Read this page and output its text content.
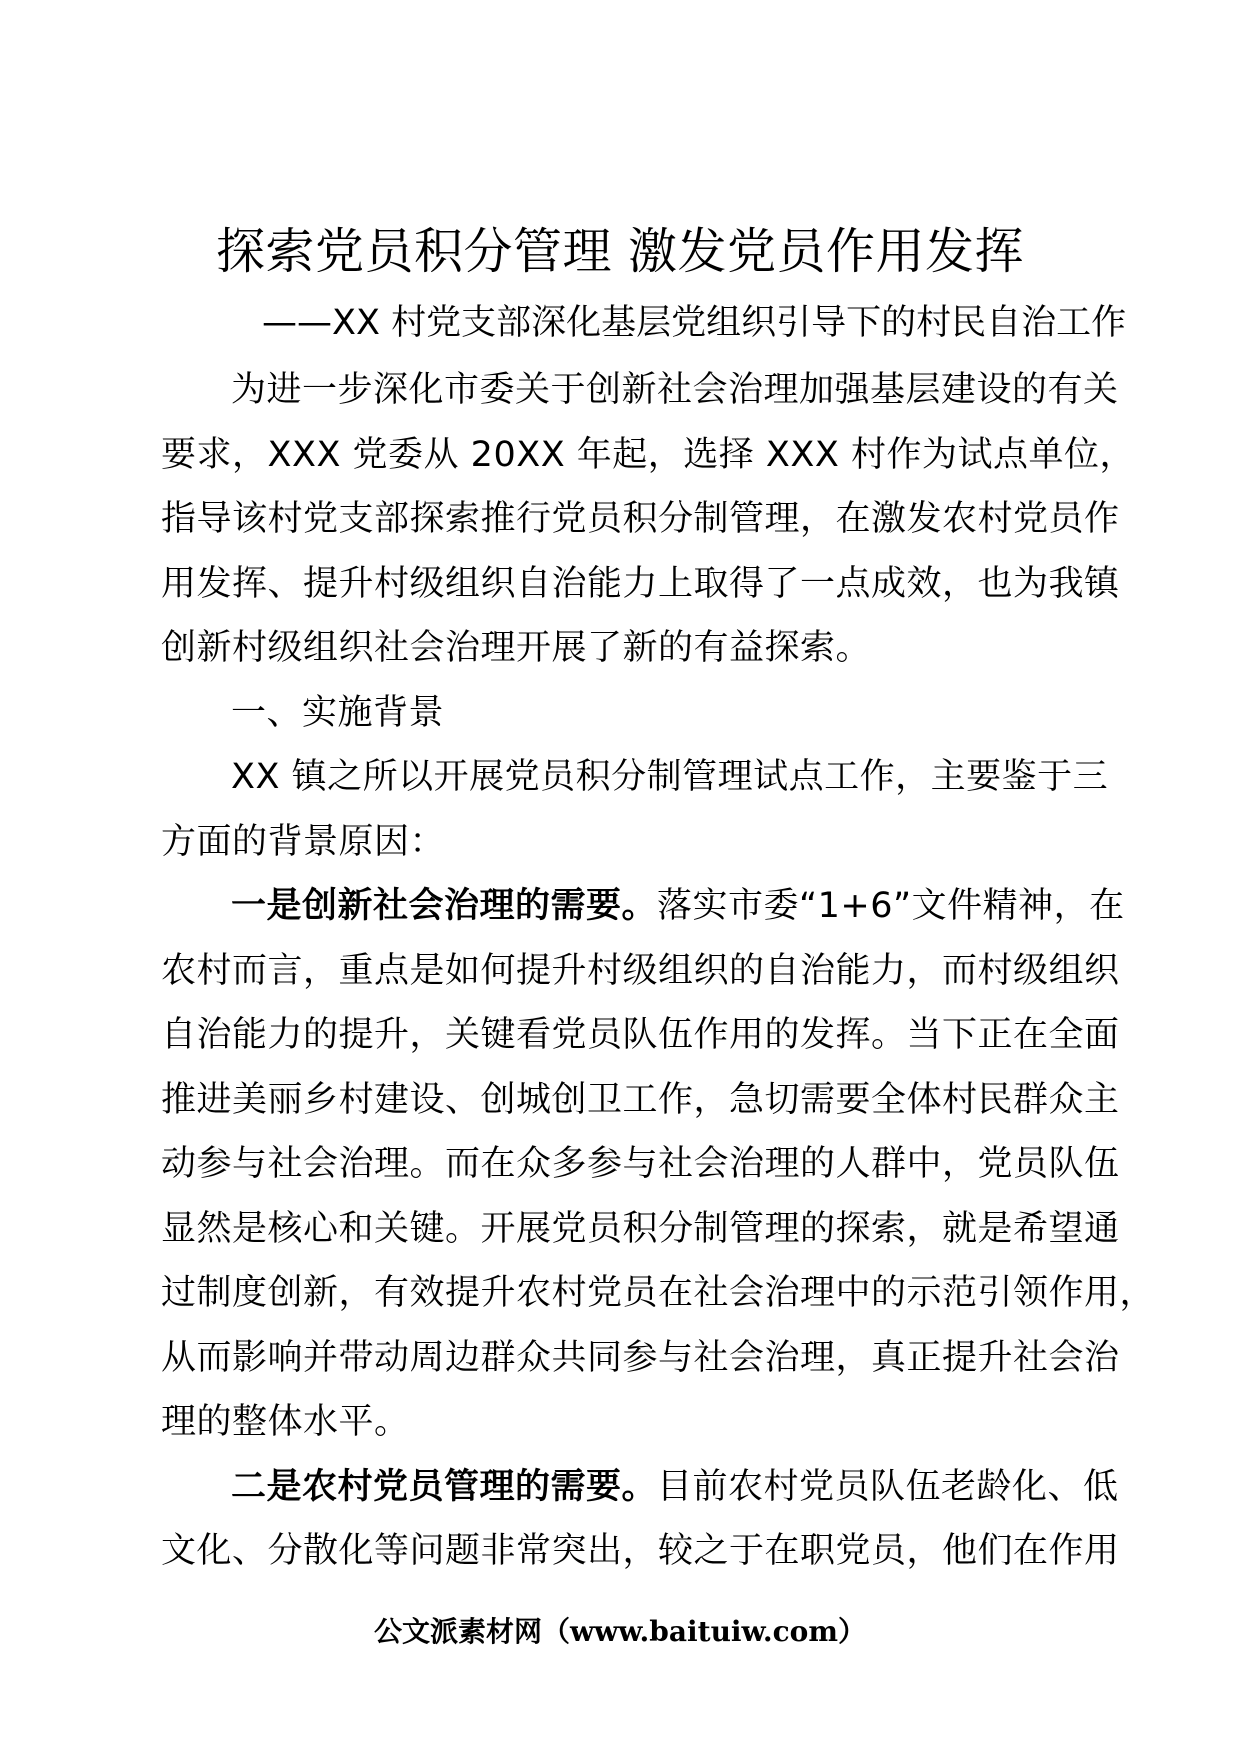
探索党员积分管理 激发党员作用发挥
——XX 村党支部深化基层党组织引导下的村民自治工作

为进一步深化市委关于创新社会治理加强基层建设的有关
要求，XXX 党委从 20XX 年起，选择 XXX 村作为试点单位，
指导该村党支部探索推行党员积分制管理，在激发农村党员作
用发挥、提升村级组织自治能力上取得了一点成效，也为我镇
创新村级组织社会治理开展了新的有益探索。

一、实施背景

XX 镇之所以开展党员积分制管理试点工作，主要鉴于三
方面的背景原因：

一是创新社会治理的需要。落实市委“1+6”文件精神，在
农村而言，重点是如何提升村级组织的自治能力，而村级组织
自治能力的提升，关键看党员队伍作用的发挥。当下正在全面
推进美丽乡村建设、创城创卫工作，急切需要全体村民群众主
动参与社会治理。而在众多参与社会治理的人群中，党员队伍
显然是核心和关键。开展党员积分制管理的探索，就是希望通
过制度创新，有效提升农村党员在社会治理中的示范引领作用，
从而影响并带动周边群众共同参与社会治理，真正提升社会治
理的整体水平。

二是农村党员管理的需要。目前农村党员队伍老龄化、低
文化、分散化等问题非常突出，较之于在职党员，他们在作用

公文派素材网（www.baituiw.com）
